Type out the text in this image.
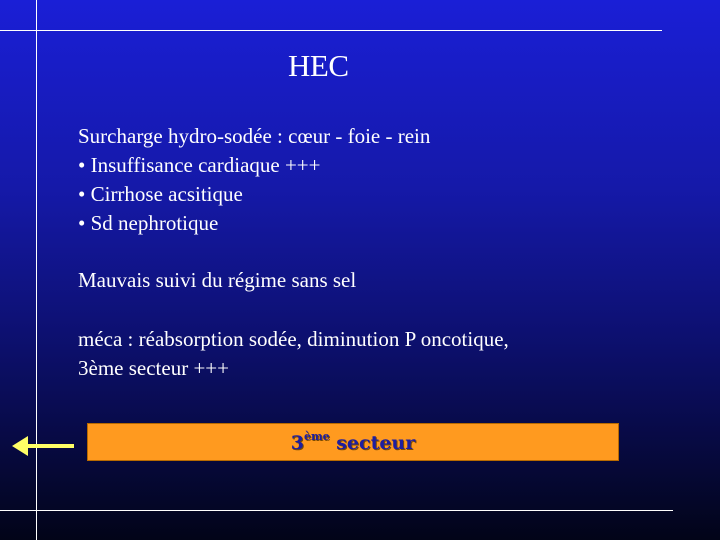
HEC
Surcharge hydro-sodée : cœur - foie - rein
• Insuffisance cardiaque +++
• Cirrhose acsitique
• Sd nephrotique
Mauvais suivi du régime sans sel
méca : réabsorption sodée, diminution P oncotique,
3ème secteur +++
3ème secteur
